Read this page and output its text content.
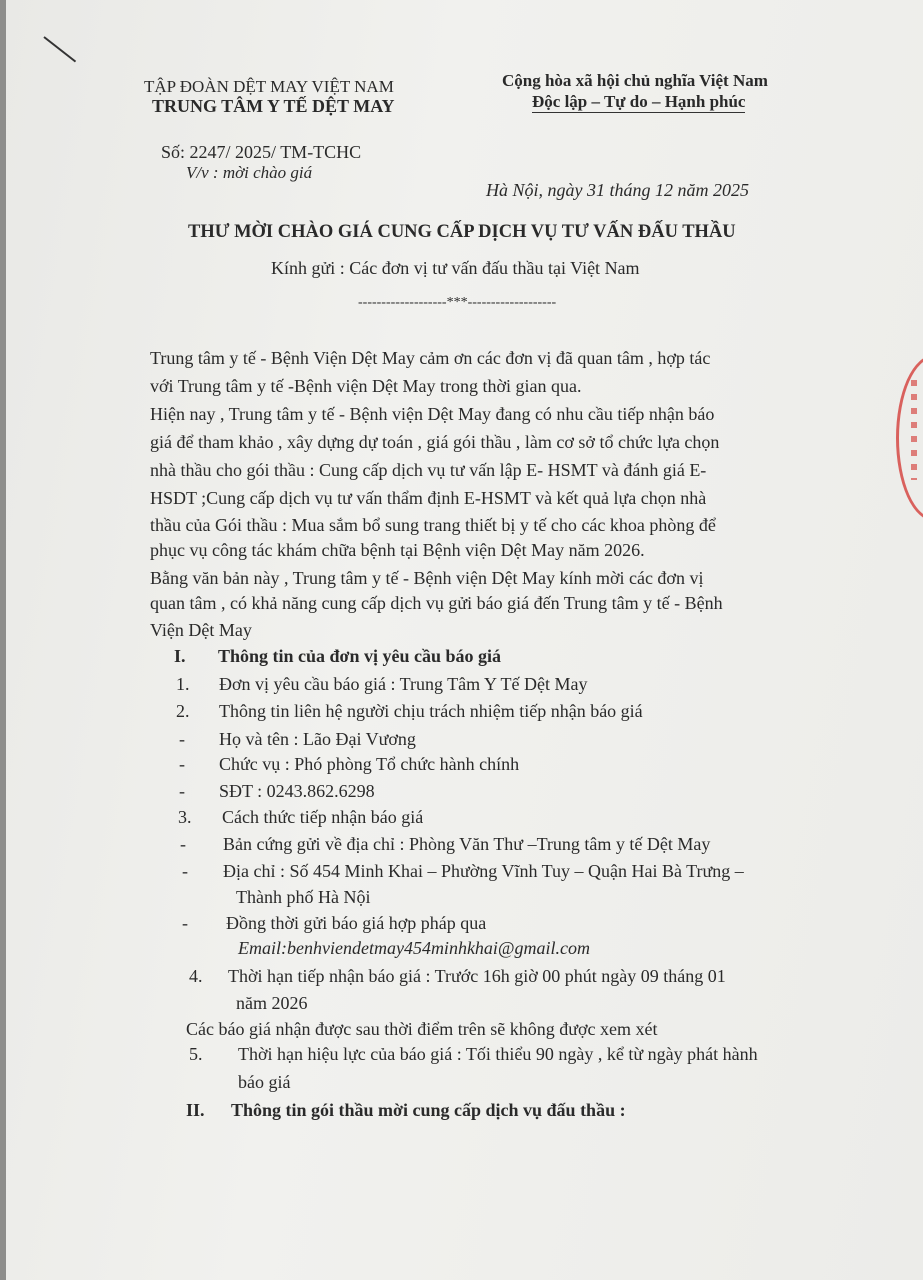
TẬP ĐOÀN DỆT MAY VIỆT NAM
TRUNG TÂM Y TẾ DỆT MAY
Cộng hòa xã hội chủ nghĩa Việt Nam
Độc lập – Tự do – Hạnh phúc
Số: 2247/ 2025/ TM-TCHC
V/v : mời chào giá
Hà Nội, ngày 31 tháng 12 năm 2025
THƯ MỜI CHÀO GIÁ CUNG CẤP DỊCH VỤ TƯ VẤN ĐẤU THẦU
Kính gửi : Các đơn vị tư vấn đấu thầu tại Việt Nam
-------------------***-------------------
Trung tâm y tế - Bệnh Viện Dệt May cảm ơn các đơn vị đã quan tâm , hợp tác
với Trung tâm y tế -Bệnh viện Dệt May trong thời gian qua.
Hiện nay , Trung tâm y tế - Bệnh viện Dệt May đang có nhu cầu tiếp nhận báo
giá để tham khảo , xây dựng dự toán , giá gói thầu , làm cơ sở tổ chức lựa chọn
nhà thầu cho gói thầu : Cung cấp dịch vụ tư vấn lập E- HSMT và đánh giá E-
HSDT ;Cung cấp dịch vụ tư vấn thẩm định E-HSMT và kết quả lựa chọn nhà
thầu của Gói thầu : Mua sắm bổ sung trang thiết bị y tế cho các khoa phòng để
phục vụ công tác khám chữa bệnh tại Bệnh viện Dệt May năm 2026.
Bằng văn bản này , Trung tâm y tế - Bệnh viện Dệt May kính mời các đơn vị
quan tâm , có khả năng cung cấp dịch vụ gửi báo giá đến Trung tâm y tế - Bệnh
Viện Dệt May
I. Thông tin của đơn vị yêu cầu báo giá
1. Đơn vị yêu cầu báo giá : Trung Tâm Y Tế Dệt May
2. Thông tin liên hệ người chịu trách nhiệm tiếp nhận báo giá
- Họ và tên : Lão Đại Vương
- Chức vụ : Phó phòng Tổ chức hành chính
- SĐT : 0243.862.6298
3. Cách thức tiếp nhận báo giá
- Bản cứng gửi về địa chỉ : Phòng Văn Thư –Trung tâm y tế Dệt May
- Địa chỉ : Số 454 Minh Khai – Phường Vĩnh Tuy – Quận Hai Bà Trưng –
Thành phố Hà Nội
- Đồng thời gửi báo giá hợp pháp qua
Email:benhviendetmay454minhkhai@gmail.com
4. Thời hạn tiếp nhận báo giá : Trước 16h giờ 00 phút ngày 09 tháng 01
năm 2026
Các báo giá nhận được sau thời điểm trên sẽ không được xem xét
5. Thời hạn hiệu lực của báo giá : Tối thiểu 90 ngày , kể từ ngày phát hành
báo giá
II. Thông tin gói thầu mời cung cấp dịch vụ đấu thầu :
